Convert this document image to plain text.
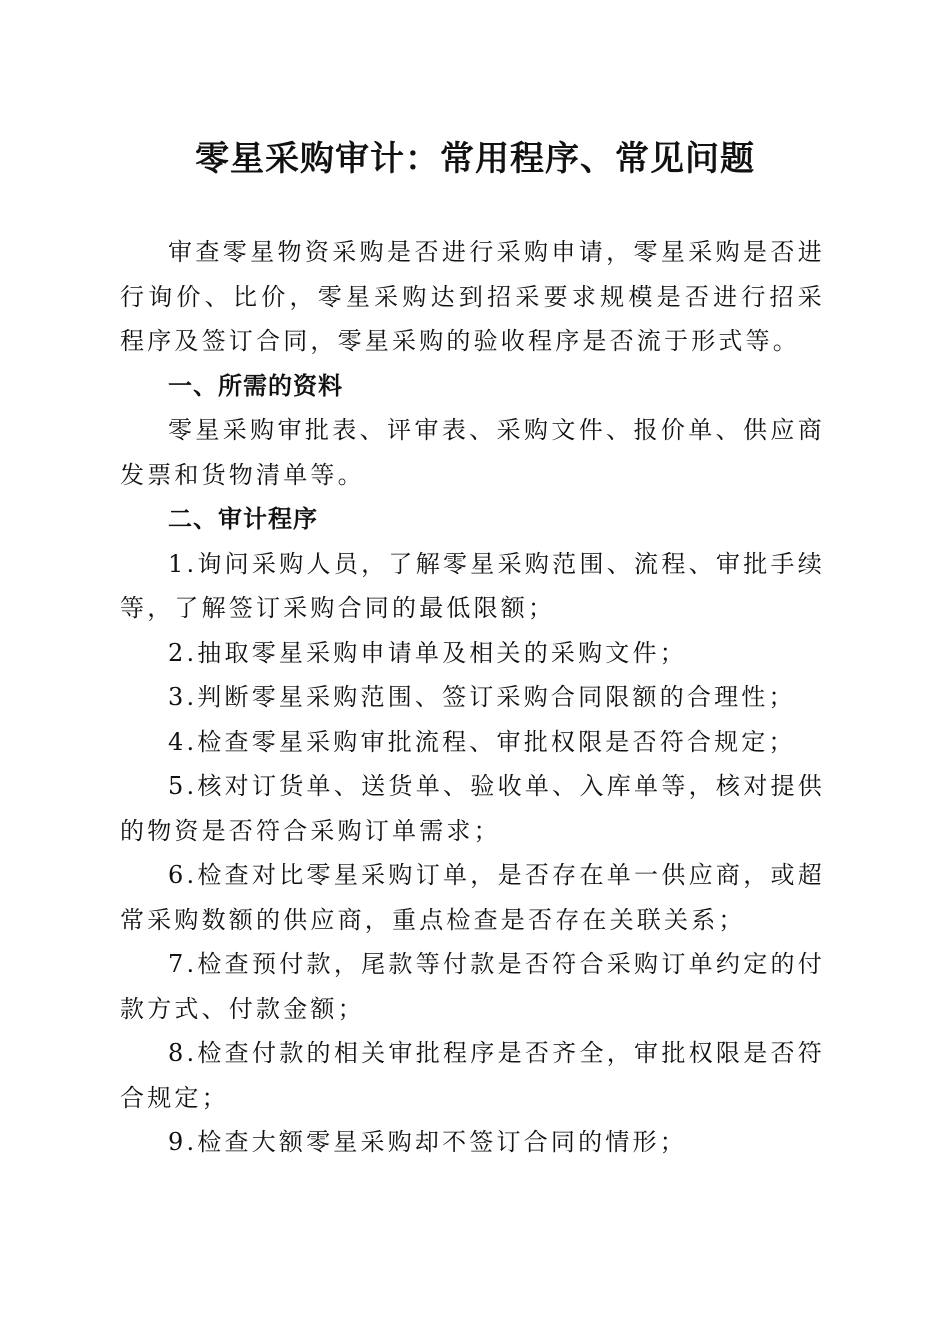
零星采购审计：常用程序、常见问题

审查零星物资采购是否进行采购申请，零星采购是否进行询价、比价，零星采购达到招采要求规模是否进行招采程序及签订合同，零星采购的验收程序是否流于形式等。

一、所需的资料

零星采购审批表、评审表、采购文件、报价单、供应商发票和货物清单等。

二、审计程序

1.询问采购人员，了解零星采购范围、流程、审批手续等，了解签订采购合同的最低限额；

2.抽取零星采购申请单及相关的采购文件；

3.判断零星采购范围、签订采购合同限额的合理性；

4.检查零星采购审批流程、审批权限是否符合规定；

5.核对订货单、送货单、验收单、入库单等，核对提供的物资是否符合采购订单需求；

6.检查对比零星采购订单，是否存在单一供应商，或超常采购数额的供应商，重点检查是否存在关联关系；

7.检查预付款，尾款等付款是否符合采购订单约定的付款方式、付款金额；

8.检查付款的相关审批程序是否齐全，审批权限是否符合规定；

9.检查大额零星采购却不签订合同的情形；
